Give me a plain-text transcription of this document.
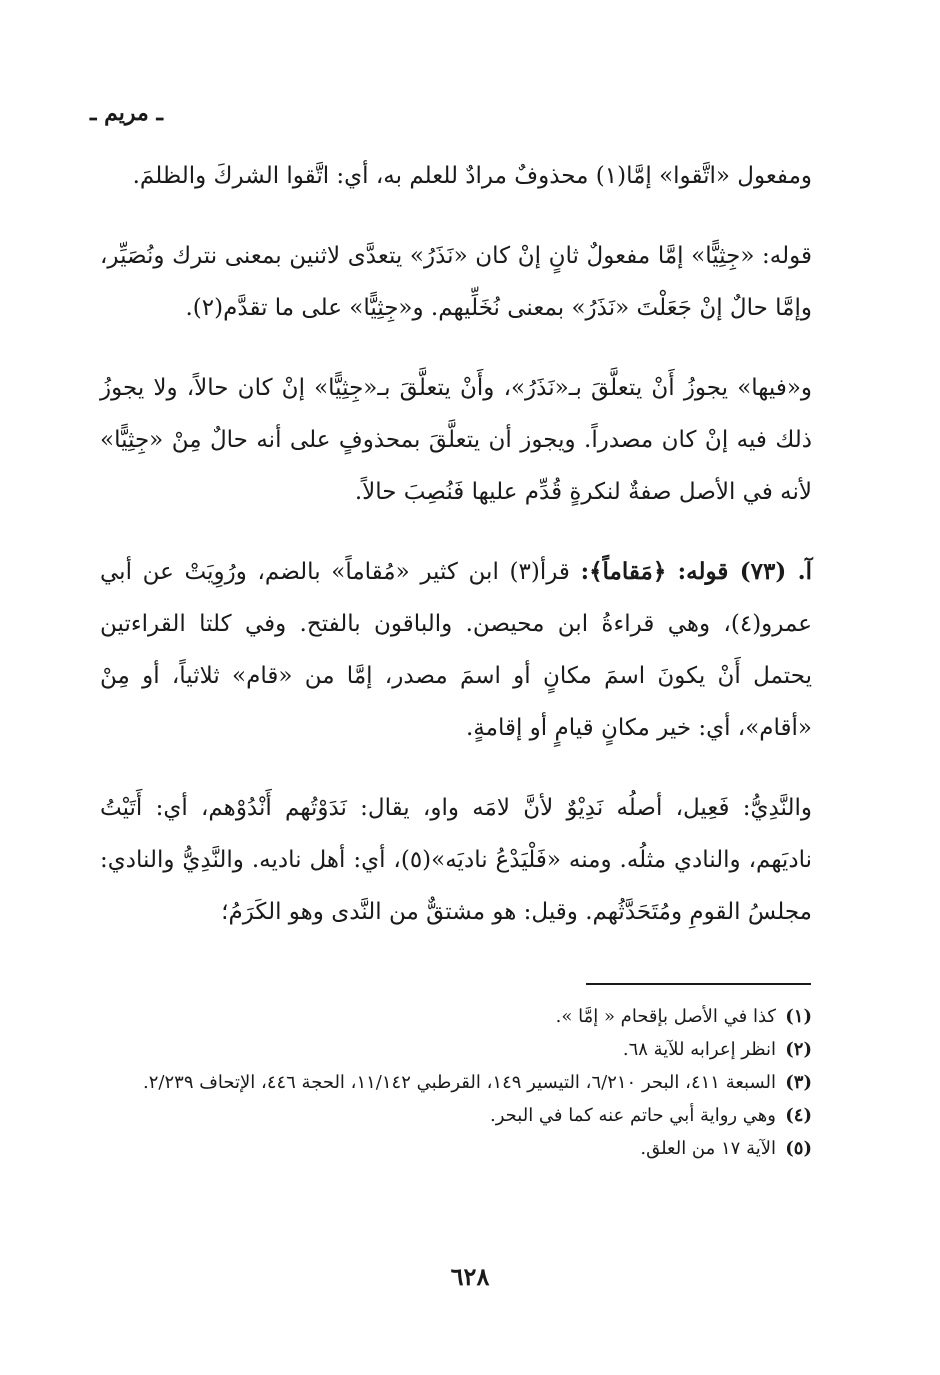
ـ مريم ـ

ومفعول «اتَّقوا» إمَّا(١) محذوفٌ مرادٌ للعلم به، أي: اتَّقوا الشركَ والظلمَ.

قوله: «جِثِيًّا» إمَّا مفعولٌ ثانٍ إنْ كان «نَذَرُ» يتعدَّى لاثنين بمعنى نترك ونُصَيِّر، وإمَّا حالٌ إنْ جَعَلْتَ «نَذَرُ» بمعنى نُخَلِّيهم. و«جِثِيًّا» على ما تقدَّم(٢).

و«فيها» يجوزُ أَنْ يتعلَّقَ بـ«نَذَرُ»، وأَنْ يتعلَّقَ بـ«جِثِيًّا» إنْ كان حالاً، ولا يجوزُ ذلك فيه إنْ كان مصدراً. ويجوز أن يتعلَّقَ بمحذوفٍ على أنه حالٌ مِنْ «جِثِيًّا» لأنه في الأصل صفةٌ لنكرةٍ قُدِّم عليها فَنُصِبَ حالاً.

آ. (٧٣) قوله: ﴿مَقاماً﴾: قرأ(٣) ابن كثير «مُقاماً» بالضم، ورُوِيَتْ عن أبي عمرو(٤)، وهي قراءةُ ابن محيصن. والباقون بالفتح. وفي كلتا القراءتين يحتمل أَنْ يكونَ اسمَ مكانٍ أو اسمَ مصدر، إمَّا من «قام» ثلاثياً، أو مِنْ «أقام»، أي: خير مكانٍ قيامٍ أو إقامةٍ.

والنَّدِيُّ: فَعِيل، أصلُه نَدِيْوٌ لأنَّ لامَه واو، يقال: نَدَوْتُهم أَنْدُوْهم، أي: أَتَيْتُ ناديَهم، والنادي مثلُه. ومنه «فَلْيَدْعُ ناديَه»(٥)، أي: أهل ناديه. والنَّدِيُّ والنادي: مجلسُ القومِ ومُتَحَدَّثُهم. وقيل: هو مشتقٌّ من النَّدى وهو الكَرَمُ؛

(١)
كذا في الأصل بإقحام « إمَّا ».
(٢)
انظر إعرابه للآية ٦٨.
(٣)
السبعة ٤١١، البحر ٦/٢١٠، التيسير ١٤٩، القرطبي ١١/١٤٢، الحجة ٤٤٦، الإتحاف ٢/٢٣٩.
(٤)
وهي رواية أبي حاتم عنه كما في البحر.
(٥)
الآية ١٧ من العلق.
٦٢٨
